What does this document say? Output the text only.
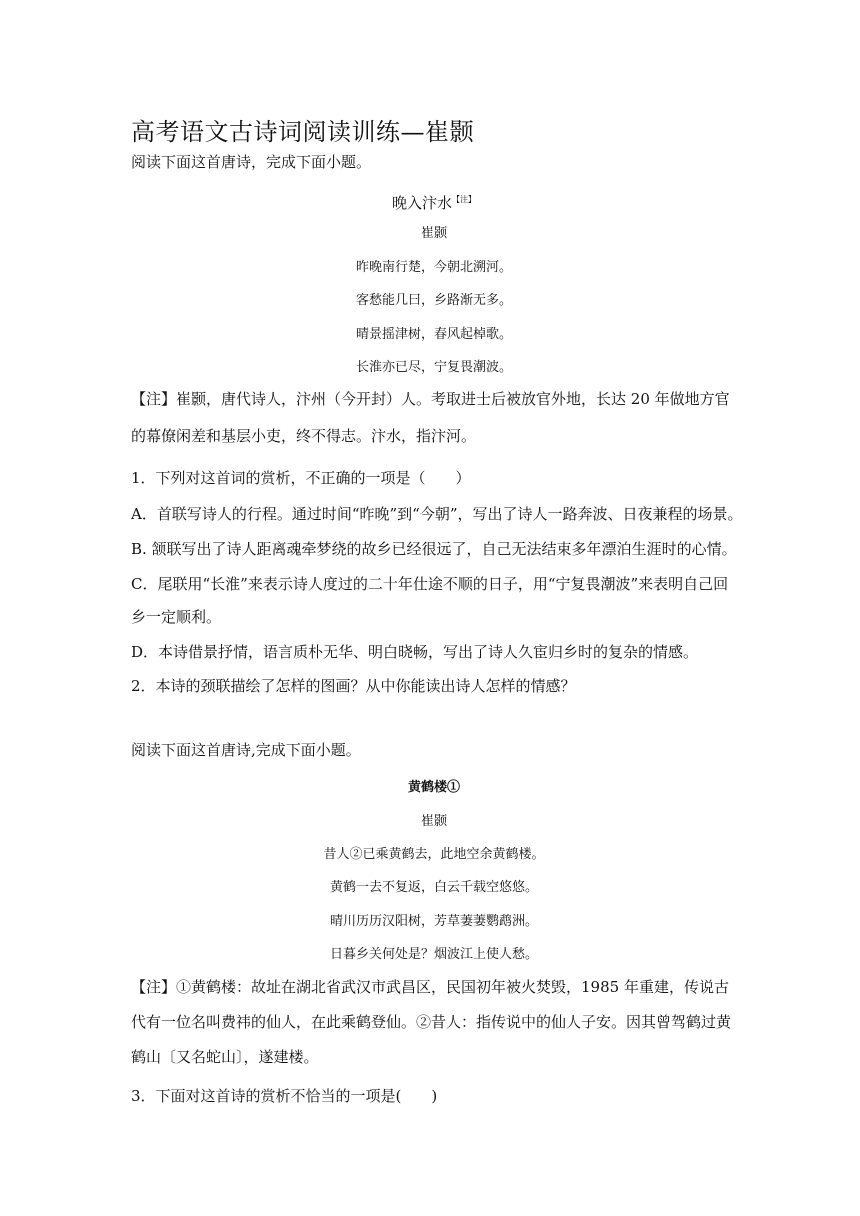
高考语文古诗词阅读训练—崔颢
阅读下面这首唐诗，完成下面小题。
晚入汴水$^{【注】}$
崔颢
昨晚南行楚，今朝北溯河。
客愁能几曰，乡路渐无多。
晴景摇津树，春风起棹歌。
长淮亦已尽，宁复畏潮波。
【注】崔颢，唐代诗人，汴州（今开封）人。考取进士后被放官外地，长达 20 年做地方官
的幕僚闲差和基层小吏，终不得志。汴水，指汴河。
1．下列对这首词的赏析，不正确的一项是（　　）
A．首联写诗人的行程。通过时间“昨晚”到“今朝”，写出了诗人一路奔波、日夜兼程的场景。
B. 颔联写出了诗人距离魂牵梦绕的故乡已经很远了，自己无法结束多年漂泊生涯时的心情。
C．尾联用“长淮”来表示诗人度过的二十年仕途不顺的日子，用“宁复畏潮波”来表明自己回
乡一定顺利。
D．本诗借景抒情，语言质朴无华、明白晓畅，写出了诗人久宦归乡时的复杂的情感。
2．本诗的颈联描绘了怎样的图画？从中你能读出诗人怎样的情感？
阅读下面这首唐诗,完成下面小题。
黄鹤楼①
崔颢
昔人②已乘黄鹤去，此地空余黄鹤楼。
黄鹤一去不复返，白云千载空悠悠。
晴川历历汉阳树，芳草萋萋鹦鹉洲。
日暮乡关何处是？烟波江上使人愁。
【注】①黄鹤楼：故址在湖北省武汉市武昌区，民国初年被火焚毁，1985 年重建，传说古
代有一位名叫费祎的仙人，在此乘鹤登仙。②昔人：指传说中的仙人子安。因其曾驾鹤过黄
鹤山〔又名蛇山〕，遂建楼。
3．下面对这首诗的赏析不恰当的一项是(　　)
